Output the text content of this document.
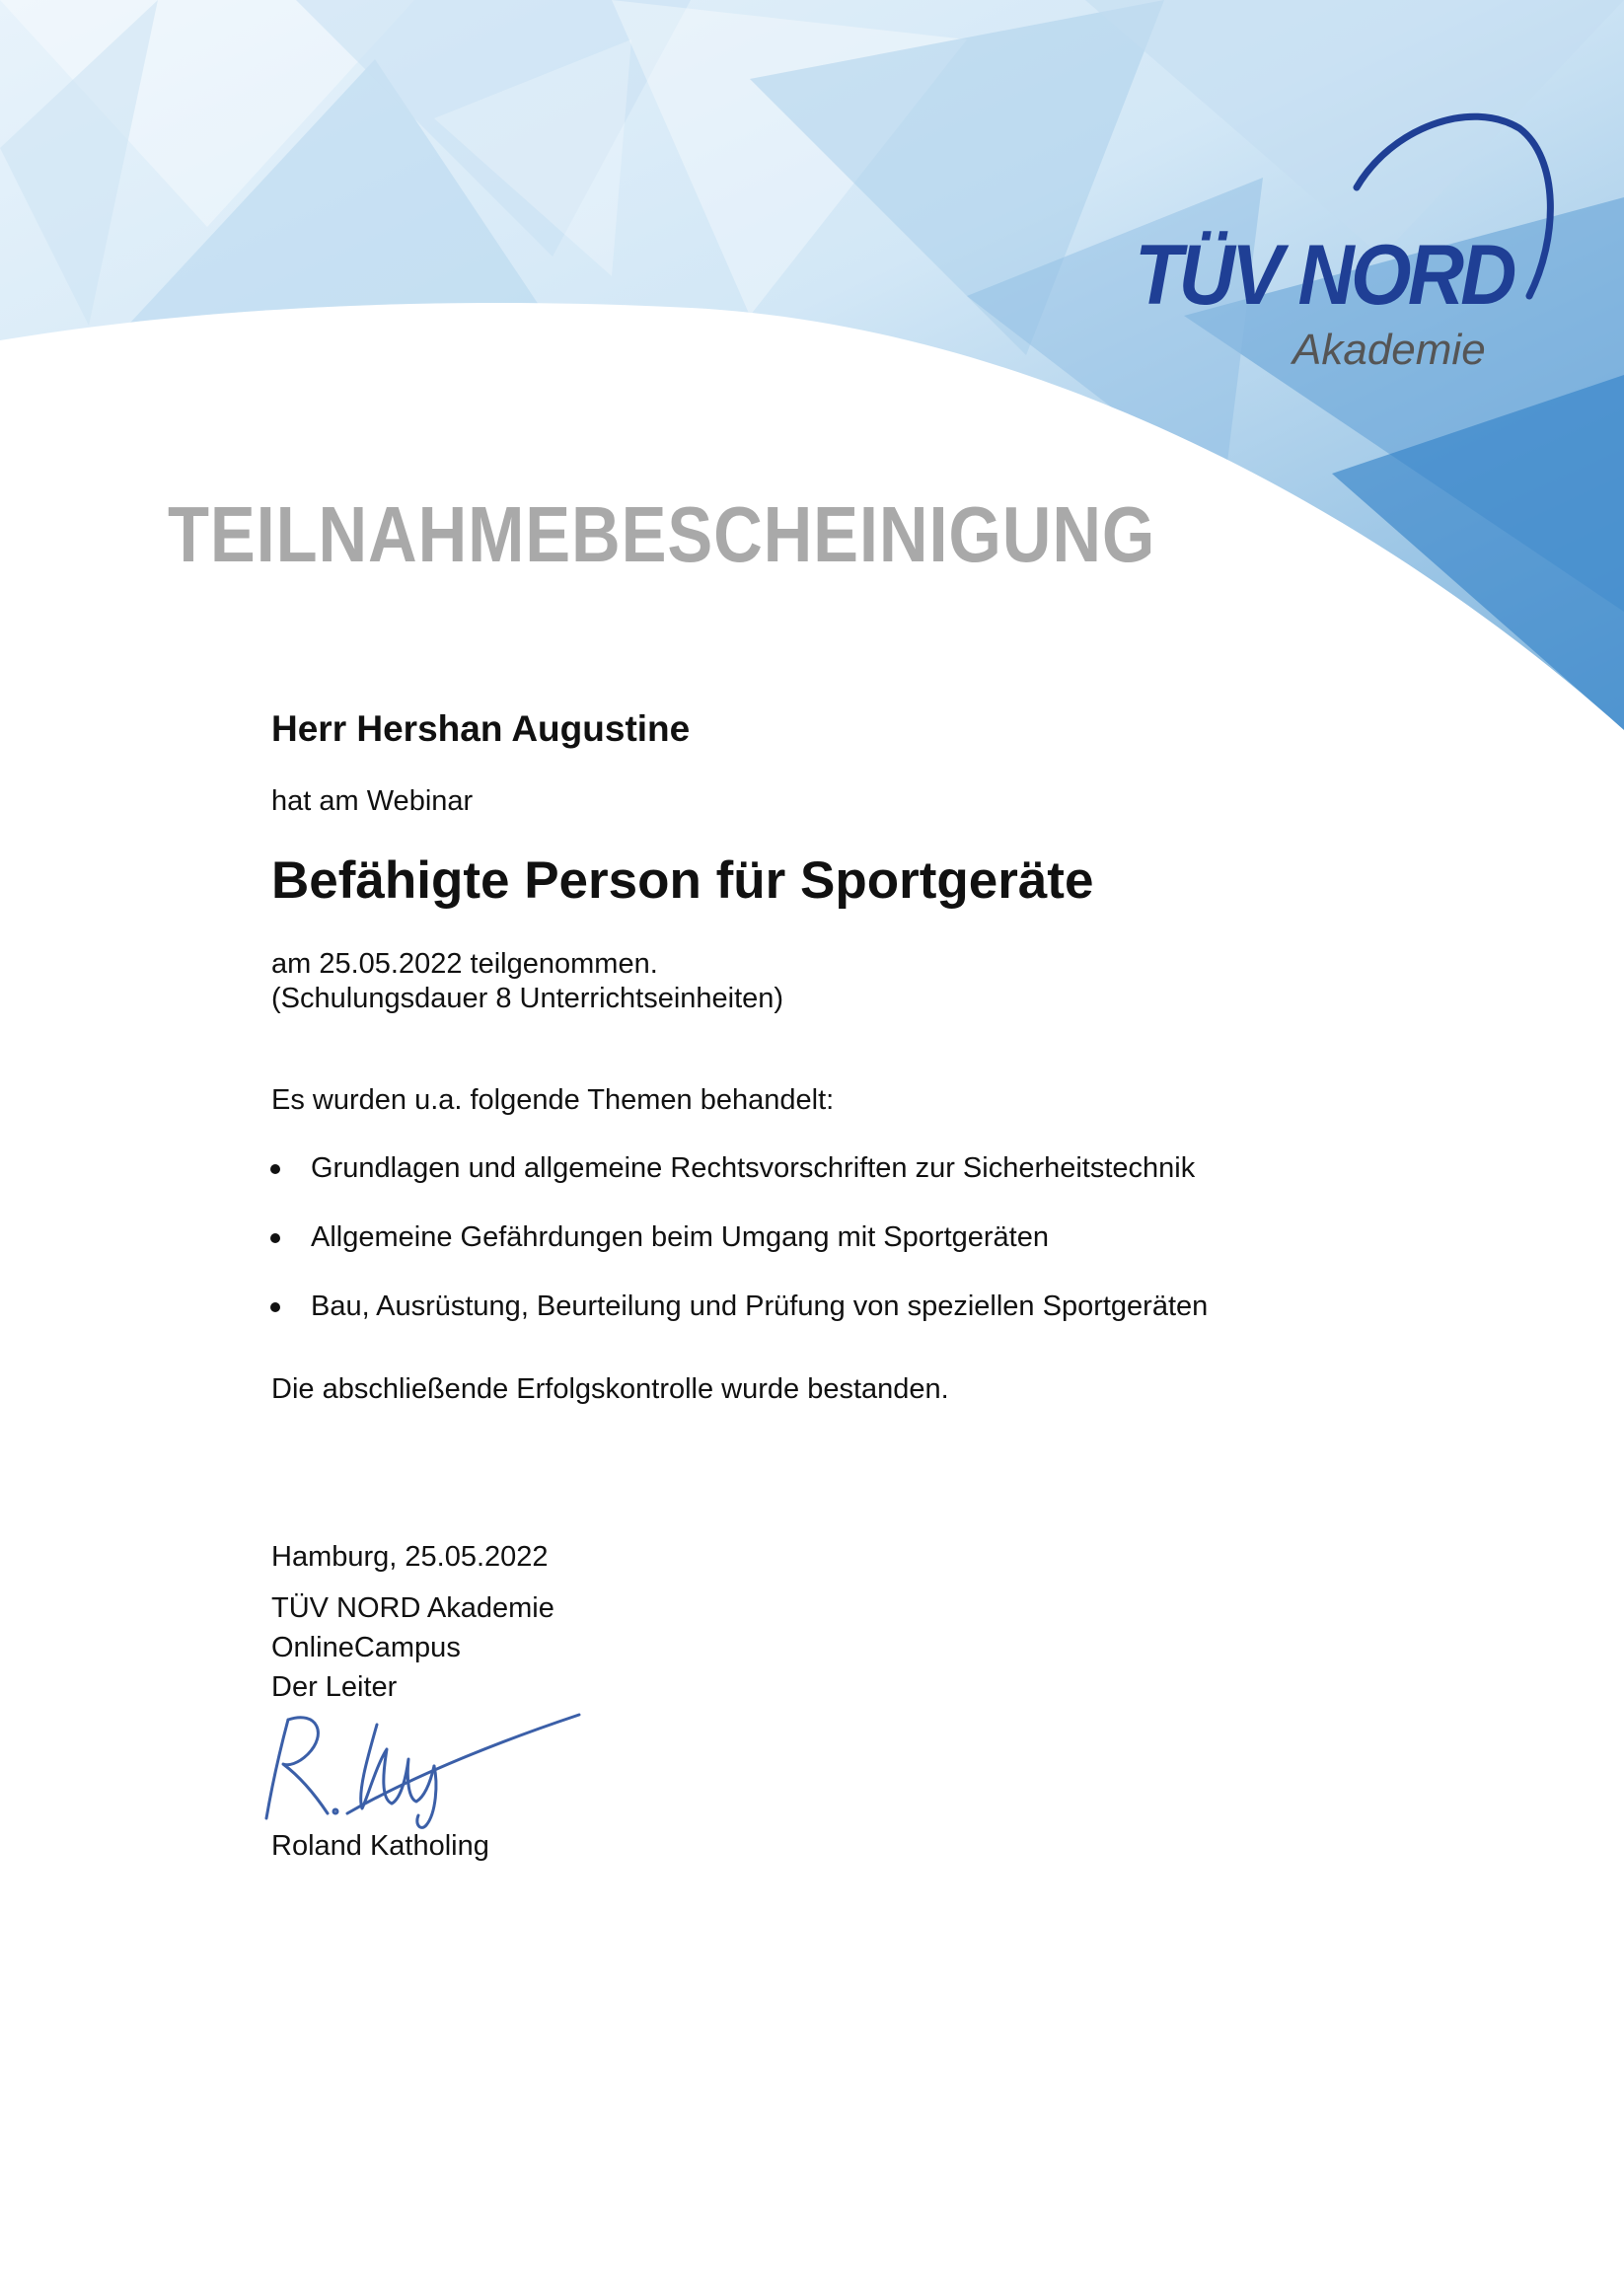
TÜV NORD
Akademie
TEILNAHMEBESCHEINIGUNG
Herr Hershan Augustine
hat am Webinar
Befähigte Person für Sportgeräte
am 25.05.2022 teilgenommen.
(Schulungsdauer 8 Unterrichtseinheiten)
Es wurden u.a. folgende Themen behandelt:
Grundlagen und allgemeine Rechtsvorschriften zur Sicherheitstechnik
Allgemeine Gefährdungen beim Umgang mit Sportgeräten
Bau, Ausrüstung, Beurteilung und Prüfung von speziellen Sportgeräten
Die abschließende Erfolgskontrolle wurde bestanden.
Hamburg, 25.05.2022
TÜV NORD Akademie
OnlineCampus
Der Leiter
Roland Katholing
